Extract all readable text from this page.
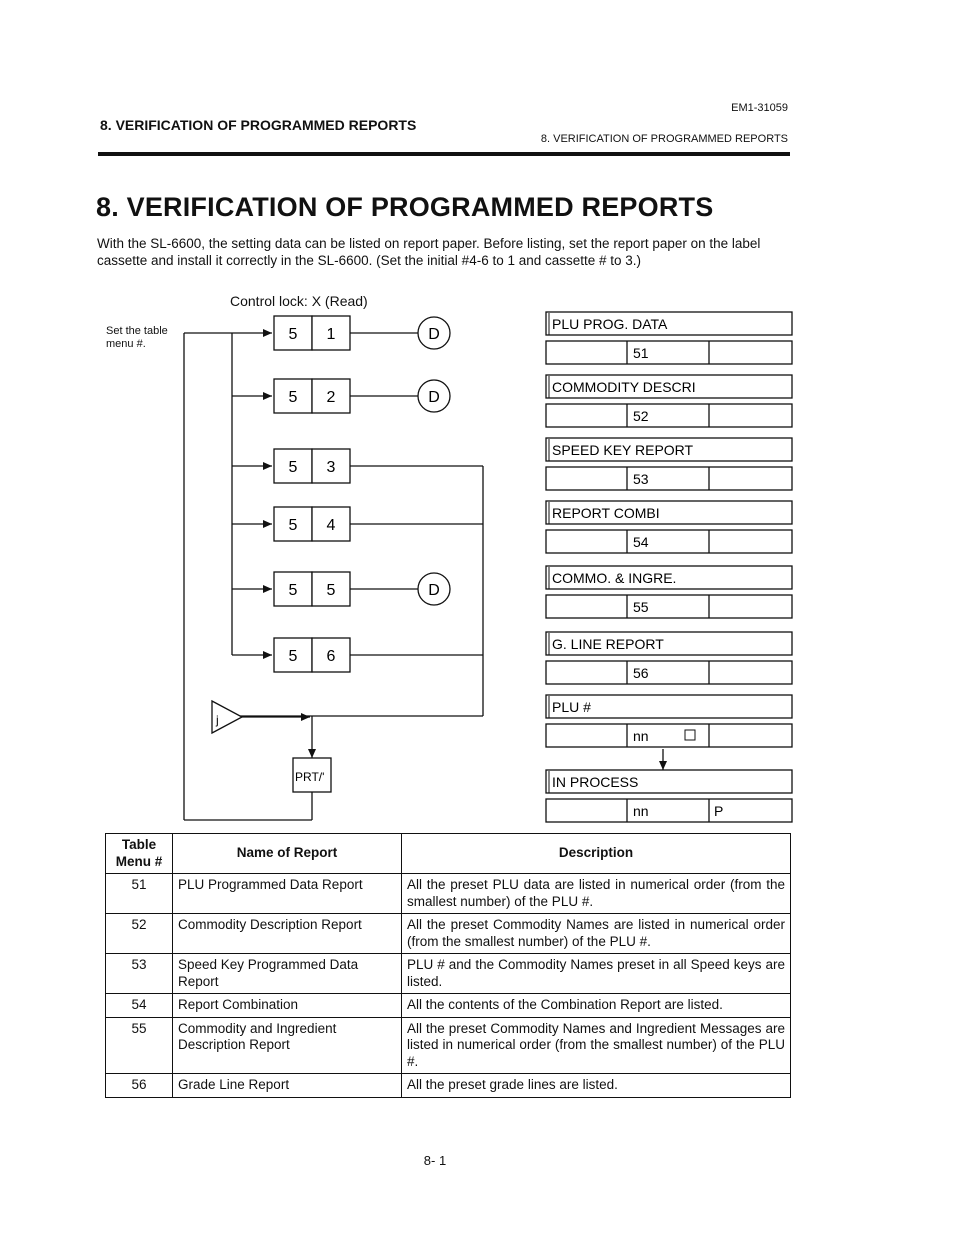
8. VERIFICATION OF PROGRAMMED REPORTS
EM1-31059
8. VERIFICATION OF PROGRAMMED REPORTS
8. VERIFICATION OF PROGRAMMED REPORTS
With the SL-6600, the setting data can be listed on report paper. Before listing, set the report paper on the label cassette and install it correctly in the SL-6600. (Set the initial #4-6 to 1 and cassette # to 3.)
Control lock: X (Read)
Set the table menu #.
5 1	D
5 2	D
5 3
5 4
5 5	D
5 6
j
PRT/'
PLU PROG. DATA
51
COMMODITY DESCRI
52
SPEED KEY REPORT
53
REPORT COMBI
54
COMMO. & INGRE.
55
G. LINE REPORT
56
PLU #
nn
IN PROCESS
nn	P
Table Menu #	Name of Report	Description
51	PLU Programmed Data Report	All the preset PLU data are listed in numerical order (from the smallest number) of the PLU #.
52	Commodity Description Report	All the preset Commodity Names are listed in numerical order (from the smallest number) of the PLU #.
53	Speed Key Programmed Data Report	PLU # and the Commodity Names preset in all Speed keys are listed.
54	Report Combination	All the contents of the Combination Report are listed.
55	Commodity and Ingredient Description Report	All the preset Commodity Names and Ingredient Messages are listed in numerical order (from the smallest number) of the PLU #.
56	Grade Line Report	All the preset grade lines are listed.
8- 1
